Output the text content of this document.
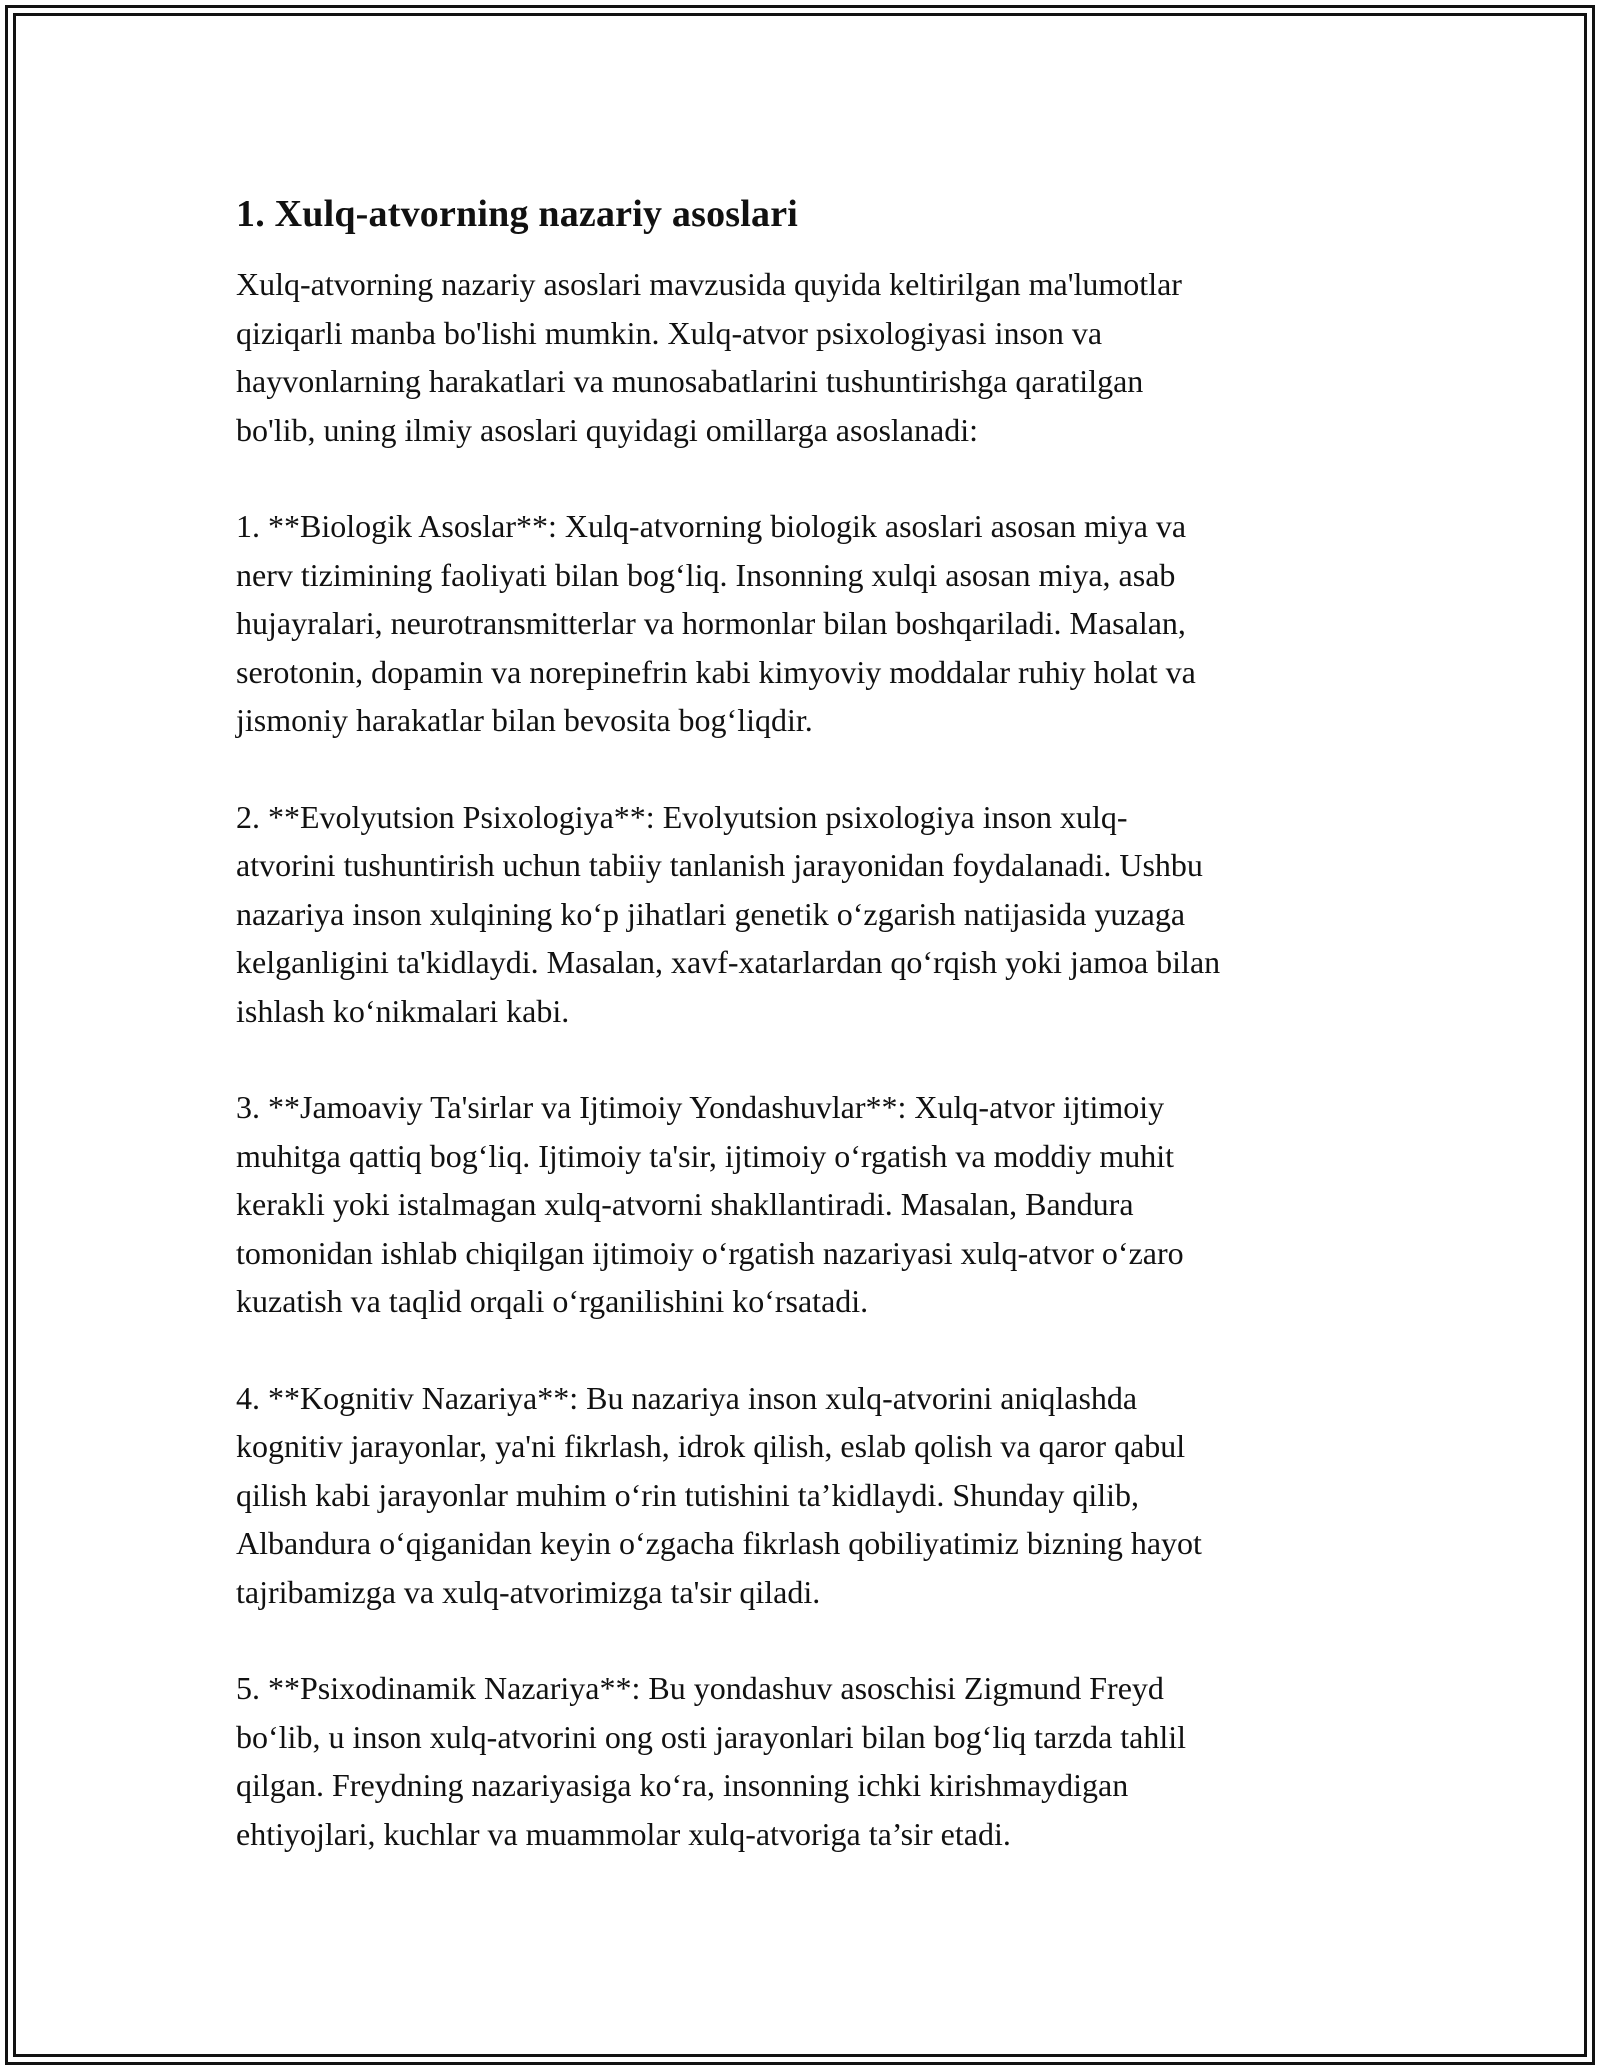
1. Xulq-atvorning nazariy asoslari

Xulq-atvorning nazariy asoslari mavzusida quyida keltirilgan ma'lumotlar
qiziqarli manba bo'lishi mumkin. Xulq-atvor psixologiyasi inson va
hayvonlarning harakatlari va munosabatlarini tushuntirishga qaratilgan
bo'lib, uning ilmiy asoslari quyidagi omillarga asoslanadi:

1. **Biologik Asoslar**: Xulq-atvorning biologik asoslari asosan miya va
nerv tizimining faoliyati bilan bog‘liq. Insonning xulqi asosan miya, asab
hujayralari, neurotransmitterlar va hormonlar bilan boshqariladi. Masalan,
serotonin, dopamin va norepinefrin kabi kimyoviy moddalar ruhiy holat va
jismoniy harakatlar bilan bevosita bog‘liqdir.

2. **Evolyutsion Psixologiya**: Evolyutsion psixologiya inson xulq-
atvorini tushuntirish uchun tabiiy tanlanish jarayonidan foydalanadi. Ushbu
nazariya inson xulqining ko‘p jihatlari genetik o‘zgarish natijasida yuzaga
kelganligini ta'kidlaydi. Masalan, xavf-xatarlardan qo‘rqish yoki jamoa bilan
ishlash ko‘nikmalari kabi.

3. **Jamoaviy Ta'sirlar va Ijtimoiy Yondashuvlar**: Xulq-atvor ijtimoiy
muhitga qattiq bog‘liq. Ijtimoiy ta'sir, ijtimoiy o‘rgatish va moddiy muhit
kerakli yoki istalmagan xulq-atvorni shakllantiradi. Masalan, Bandura
tomonidan ishlab chiqilgan ijtimoiy o‘rgatish nazariyasi xulq-atvor o‘zaro
kuzatish va taqlid orqali o‘rganilishini ko‘rsatadi.

4. **Kognitiv Nazariya**: Bu nazariya inson xulq-atvorini aniqlashda
kognitiv jarayonlar, ya'ni fikrlash, idrok qilish, eslab qolish va qaror qabul
qilish kabi jarayonlar muhim o‘rin tutishini ta’kidlaydi. Shunday qilib,
Albandura o‘qiganidan keyin o‘zgacha fikrlash qobiliyatimiz bizning hayot
tajribamizga va xulq-atvorimizga ta'sir qiladi.

5. **Psixodinamik Nazariya**: Bu yondashuv asoschisi Zigmund Freyd
bo‘lib, u inson xulq-atvorini ong osti jarayonlari bilan bog‘liq tarzda tahlil
qilgan. Freydning nazariyasiga ko‘ra, insonning ichki kirishmaydigan
ehtiyojlari, kuchlar va muammolar xulq-atvoriga ta’sir etadi.
